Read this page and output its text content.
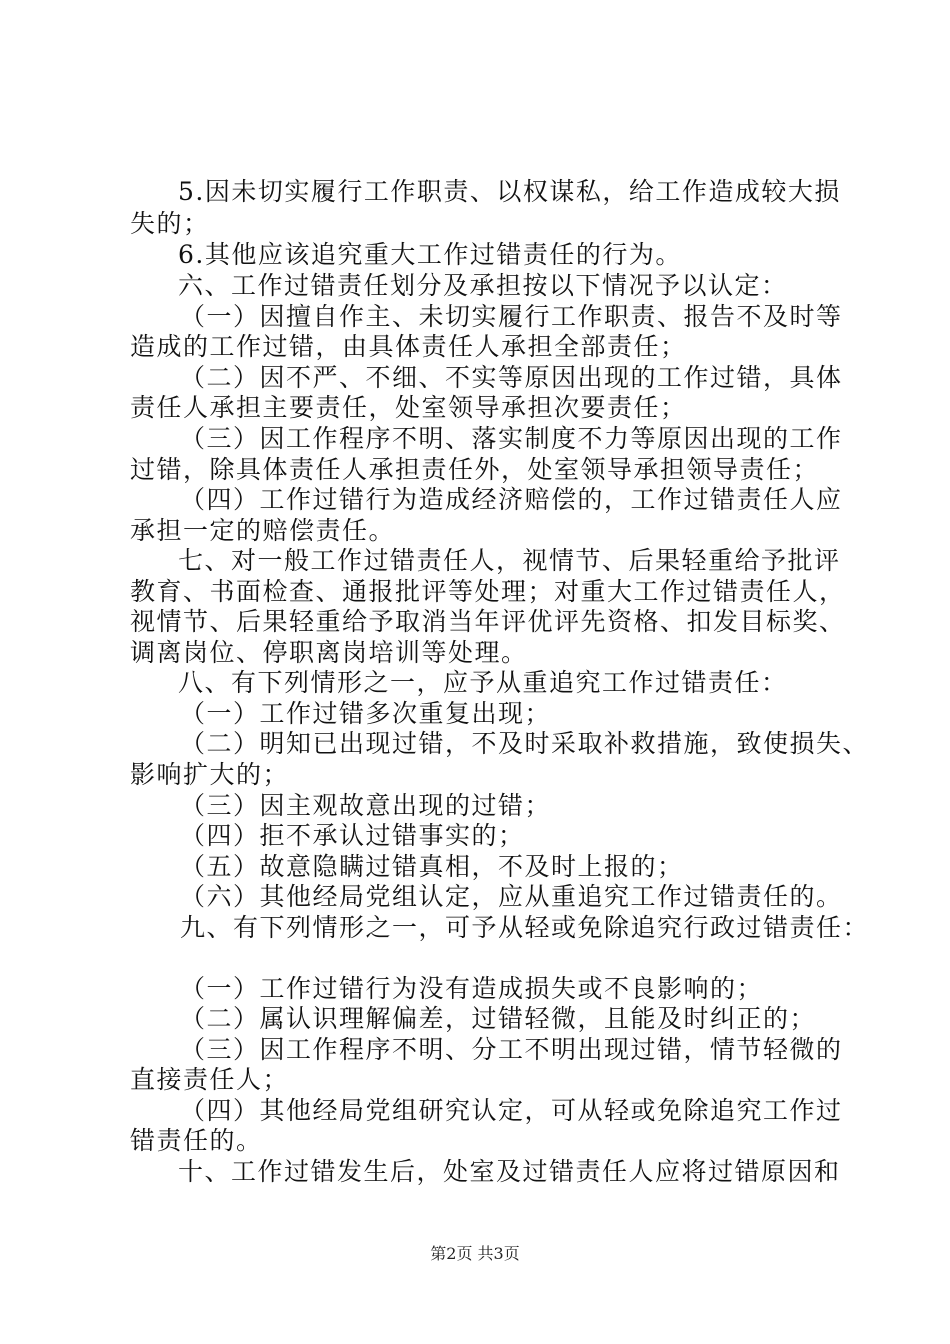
5.因未切实履行工作职责、以权谋私，给工作造成较大损
失的；
6.其他应该追究重大工作过错责任的行为。
六、工作过错责任划分及承担按以下情况予以认定：
（一）因擅自作主、未切实履行工作职责、报告不及时等
造成的工作过错，由具体责任人承担全部责任；
（二）因不严、不细、不实等原因出现的工作过错，具体
责任人承担主要责任，处室领导承担次要责任；
（三）因工作程序不明、落实制度不力等原因出现的工作
过错，除具体责任人承担责任外，处室领导承担领导责任；
（四）工作过错行为造成经济赔偿的，工作过错责任人应
承担一定的赔偿责任。
七、对一般工作过错责任人，视情节、后果轻重给予批评
教育、书面检查、通报批评等处理；对重大工作过错责任人，
视情节、后果轻重给予取消当年评优评先资格、扣发目标奖、
调离岗位、停职离岗培训等处理。
八、有下列情形之一，应予从重追究工作过错责任：
（一）工作过错多次重复出现；
（二）明知已出现过错，不及时采取补救措施，致使损失、
影响扩大的；
（三）因主观故意出现的过错；
（四）拒不承认过错事实的；
（五）故意隐瞒过错真相，不及时上报的；
（六）其他经局党组认定，应从重追究工作过错责任的。
九、有下列情形之一，可予从轻或免除追究行政过错责任：
（一）工作过错行为没有造成损失或不良影响的；
（二）属认识理解偏差，过错轻微，且能及时纠正的；
（三）因工作程序不明、分工不明出现过错，情节轻微的
直接责任人；
（四）其他经局党组研究认定，可从轻或免除追究工作过
错责任的。
十、工作过错发生后，处室及过错责任人应将过错原因和
第2页 共3页
